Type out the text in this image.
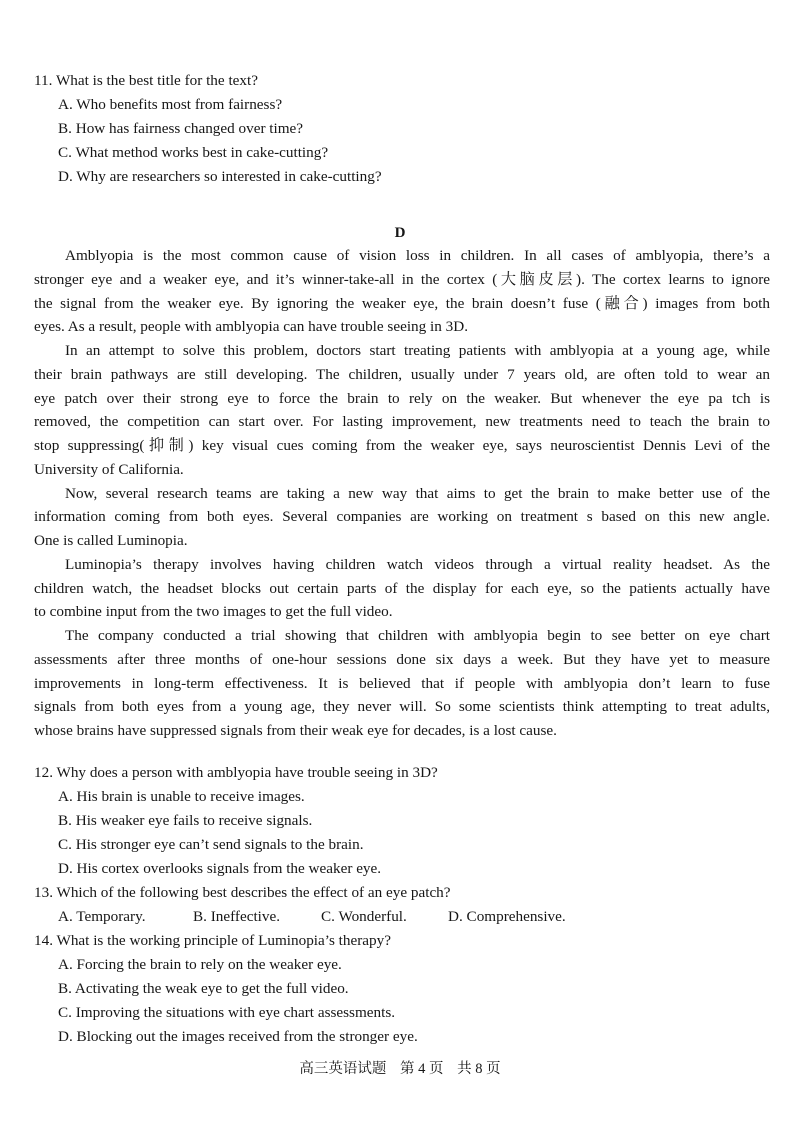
11. What is the best title for the text?
A. Who benefits most from fairness?
B. How has fairness changed over time?
C. What method works best in cake-cutting?
D. Why are researchers so interested in cake-cutting?
D
Amblyopia is the most common cause of vision loss in children. In all cases of amblyopia, there’s a
stronger eye and a weaker eye, and it’s winner-take-all in the cortex (大脑皮层). The cortex learns to ignore
the signal from the weaker eye. By ignoring the weaker eye, the brain doesn’t fuse (融合) images from both
eyes. As a result, people with amblyopia can have trouble seeing in 3D.
In an attempt to solve this problem, doctors start treating patients with amblyopia at a young age, while
their brain pathways are still developing. The children, usually under 7 years old, are often told to wear an
eye patch over their strong eye to force the brain to rely on the weaker. But whenever the eye pa tch is
removed, the competition can start over. For lasting improvement, new treatments need to teach the brain to
stop suppressing(抑制) key visual cues coming from the weaker eye, says neuroscientist Dennis Levi of the
University of California.
Now, several research teams are taking a new way that aims to get the brain to make better use of the
information coming from both eyes. Several companies are working on treatment s based on this new angle.
One is called Luminopia.
Luminopia’s therapy involves having children watch videos through a virtual reality headset. As the
children watch, the headset blocks out certain parts of the display for each eye, so the patients actually have
to combine input from the two images to get the full video.
The company conducted a trial showing that children with amblyopia begin to see better on eye chart
assessments after three months of one-hour sessions done six days a week. But they have yet to measure
improvements in long-term effectiveness. It is believed that if people with amblyopia don’t learn to fuse
signals from both eyes from a young age, they never will. So some scientists think attempting to treat adults,
whose brains have suppressed signals from their weak eye for decades, is a lost cause.
12. Why does a person with amblyopia have trouble seeing in 3D?
A. His brain is unable to receive images.
B. His weaker eye fails to receive signals.
C. His stronger eye can’t send signals to the brain.
D. His cortex overlooks signals from the weaker eye.
13. Which of the following best describes the effect of an eye patch?
A. Temporary.	B. Ineffective.	C. Wonderful.	D. Comprehensive.
14. What is the working principle of Luminopia’s therapy?
A. Forcing the brain to rely on the weaker eye.
B. Activating the weak eye to get the full video.
C. Improving the situations with eye chart assessments.
D. Blocking out the images received from the stronger eye.
高三英语试题 第 4 页 共 8 页
